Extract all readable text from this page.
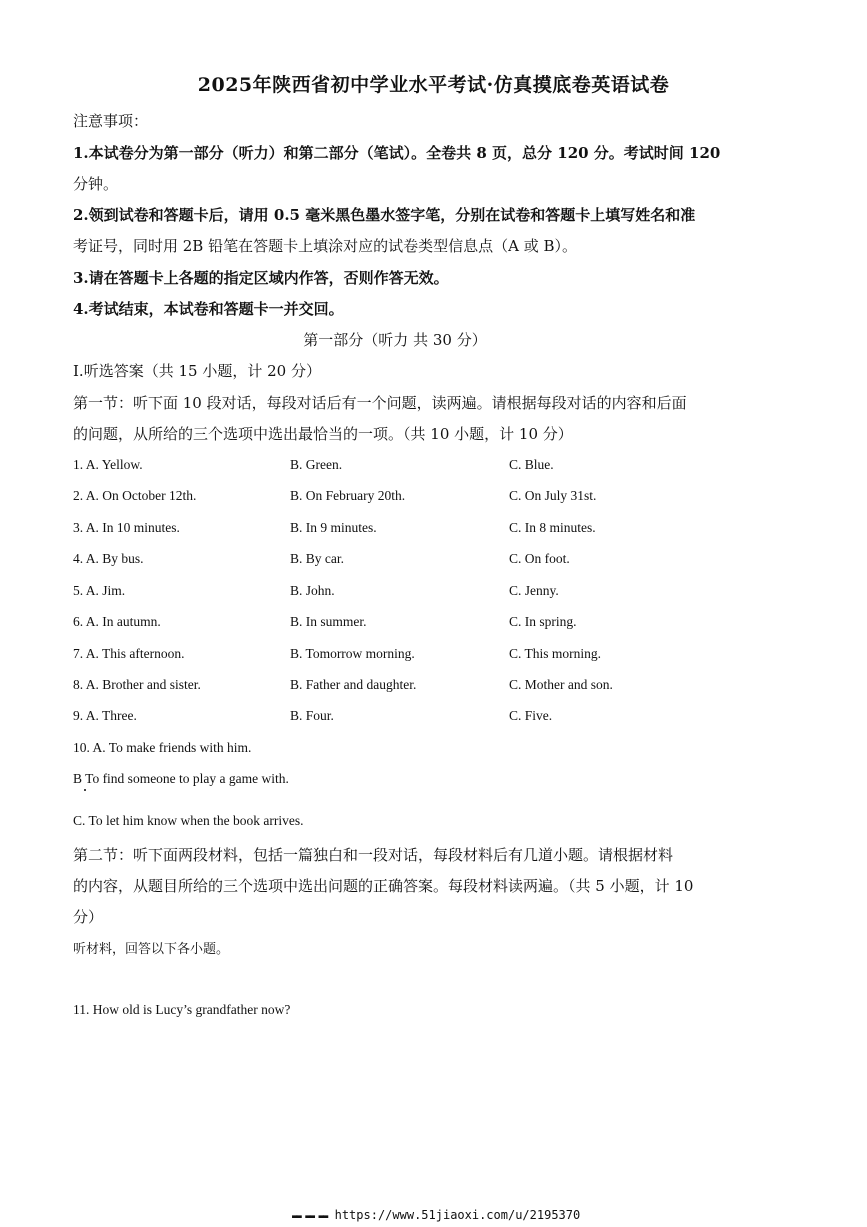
2025年陕西省初中学业水平考试·仿真摸底卷英语试卷
注意事项：
1.本试卷分为第一部分（听力）和第二部分（笔试）。全卷共 8 页，总分 120 分。考试时间 120
分钟。
2.领到试卷和答题卡后，请用 0.5 毫米黑色墨水签字笔，分别在试卷和答题卡上填写姓名和准
考证号，同时用 2B 铅笔在答题卡上填涂对应的试卷类型信息点（A 或 B）。
3.请在答题卡上各题的指定区域内作答，否则作答无效。
4.考试结束，本试卷和答题卡一并交回。
第一部分（听力 共 30 分）
Ⅰ.听选答案（共 15 小题，计 20 分）
第一节：听下面 10 段对话，每段对话后有一个问题，读两遍。请根据每段对话的内容和后面
的问题，从所给的三个选项中选出最恰当的一项。（共 10 小题，计 10 分）
1. A. Yellow.	B. Green.	C. Blue.
2. A. On October 12th.	B. On February 20th.	C. On July 31st.
3. A. In 10 minutes.	B. In 9 minutes.	C. In 8 minutes.
4. A. By bus.	B. By car.	C. On foot.
5. A. Jim.	B. John.	C. Jenny.
6. A. In autumn.	B. In summer.	C. In spring.
7. A. This afternoon.	B. Tomorrow morning.	C. This morning.
8. A. Brother and sister.	B. Father and daughter.	C. Mother and son.
9. A. Three.	B. Four.	C. Five.
10. A. To make friends with him.
B To find someone to play a game with.
C. To let him know when the book arrives.
第二节：听下面两段材料，包括一篇独白和一段对话，每段材料后有几道小题。请根据材料
的内容，从题目所给的三个选项中选出问题的正确答案。每段材料读两遍。（共 5 小题，计 10
分）
听材料，回答以下各小题。
11. How old is Lucy’s grandfather now?
▬▬ ▬▬ ▬▬ https://www.51jiaoxi.com/u/2195370
